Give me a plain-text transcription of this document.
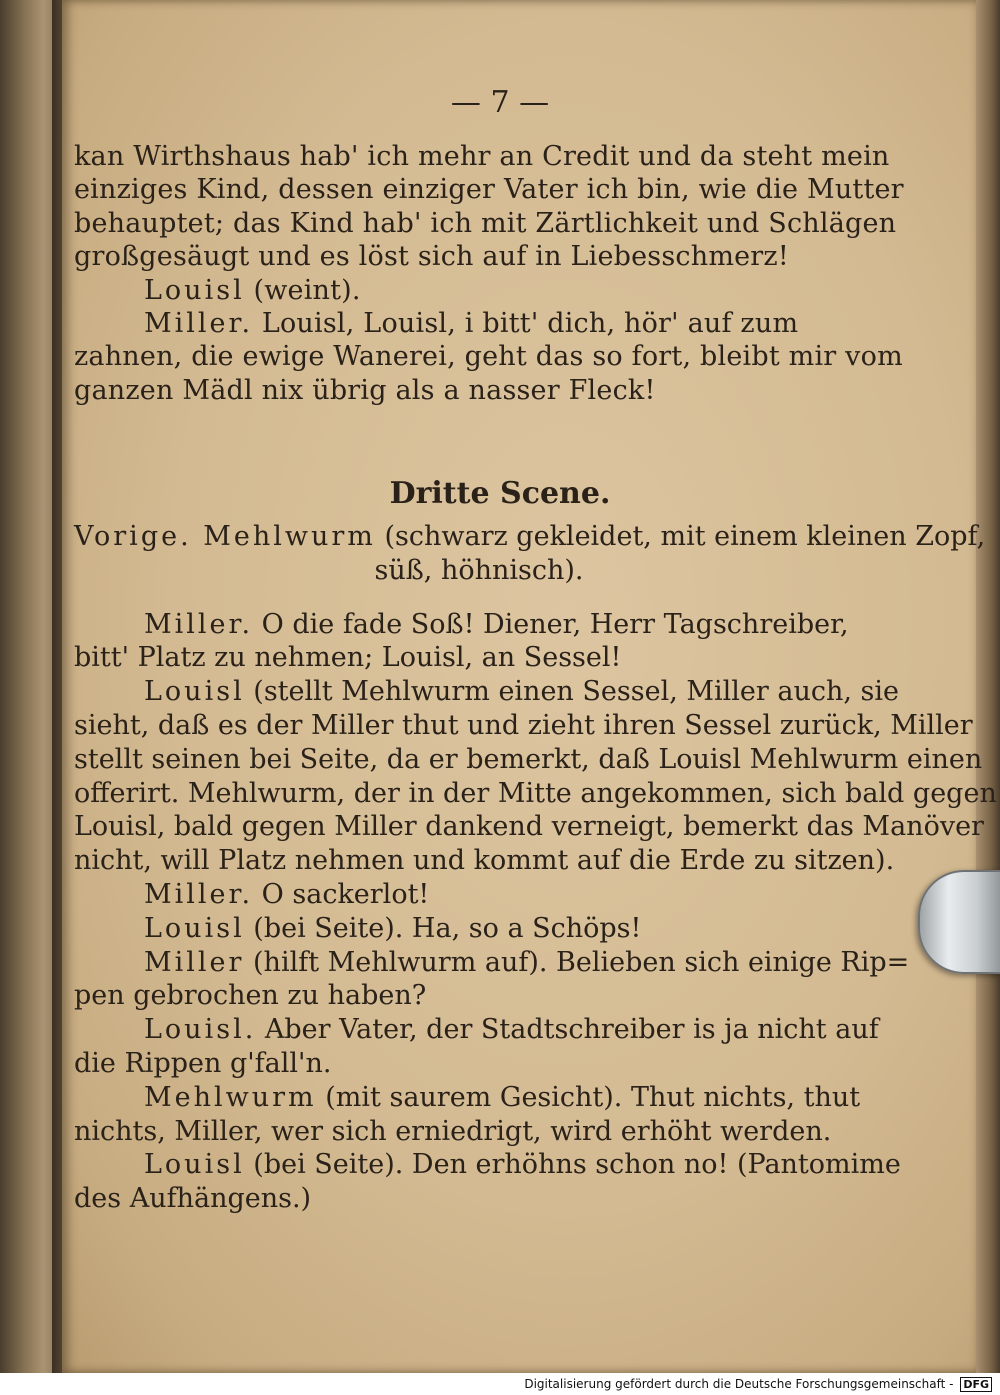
— 7 —

kan Wirthshaus hab' ich mehr an Credit und da steht mein

einziges Kind, dessen einziger Vater ich bin, wie die Mutter

behauptet; das Kind hab' ich mit Zärtlichkeit und Schlägen

großgesäugt und es löst sich auf in Liebesschmerz!

Louisl (weint).

Miller. Louisl, Louisl, i bitt' dich, hör' auf zum

zahnen, die ewige Wanerei, geht das so fort, bleibt mir vom

ganzen Mädl nix übrig als a nasser Fleck!

Dritte Scene.

Vorige. Mehlwurm (schwarz gekleidet, mit einem kleinen Zopf,

süß, höhnisch).

Miller. O die fade Soß! Diener, Herr Tagschreiber,

bitt' Platz zu nehmen; Louisl, an Sessel!

Louisl (stellt Mehlwurm einen Sessel, Miller auch, sie

sieht, daß es der Miller thut und zieht ihren Sessel zurück, Miller

stellt seinen bei Seite, da er bemerkt, daß Louisl Mehlwurm einen

offerirt. Mehlwurm, der in der Mitte angekommen, sich bald gegen

Louisl, bald gegen Miller dankend verneigt, bemerkt das Manöver

nicht, will Platz nehmen und kommt auf die Erde zu sitzen).

Miller. O sackerlot!

Louisl (bei Seite). Ha, so a Schöps!

Miller (hilft Mehlwurm auf). Belieben sich einige Rip=

pen gebrochen zu haben?

Louisl. Aber Vater, der Stadtschreiber is ja nicht auf

die Rippen g'fall'n.

Mehlwurm (mit saurem Gesicht). Thut nichts, thut

nichts, Miller, wer sich erniedrigt, wird erhöht werden.

Louisl (bei Seite). Den erhöhns schon no! (Pantomime

des Aufhängens.)

Digitalisierung gefördert durch die Deutsche Forschungsgemeinschaft - DFG
